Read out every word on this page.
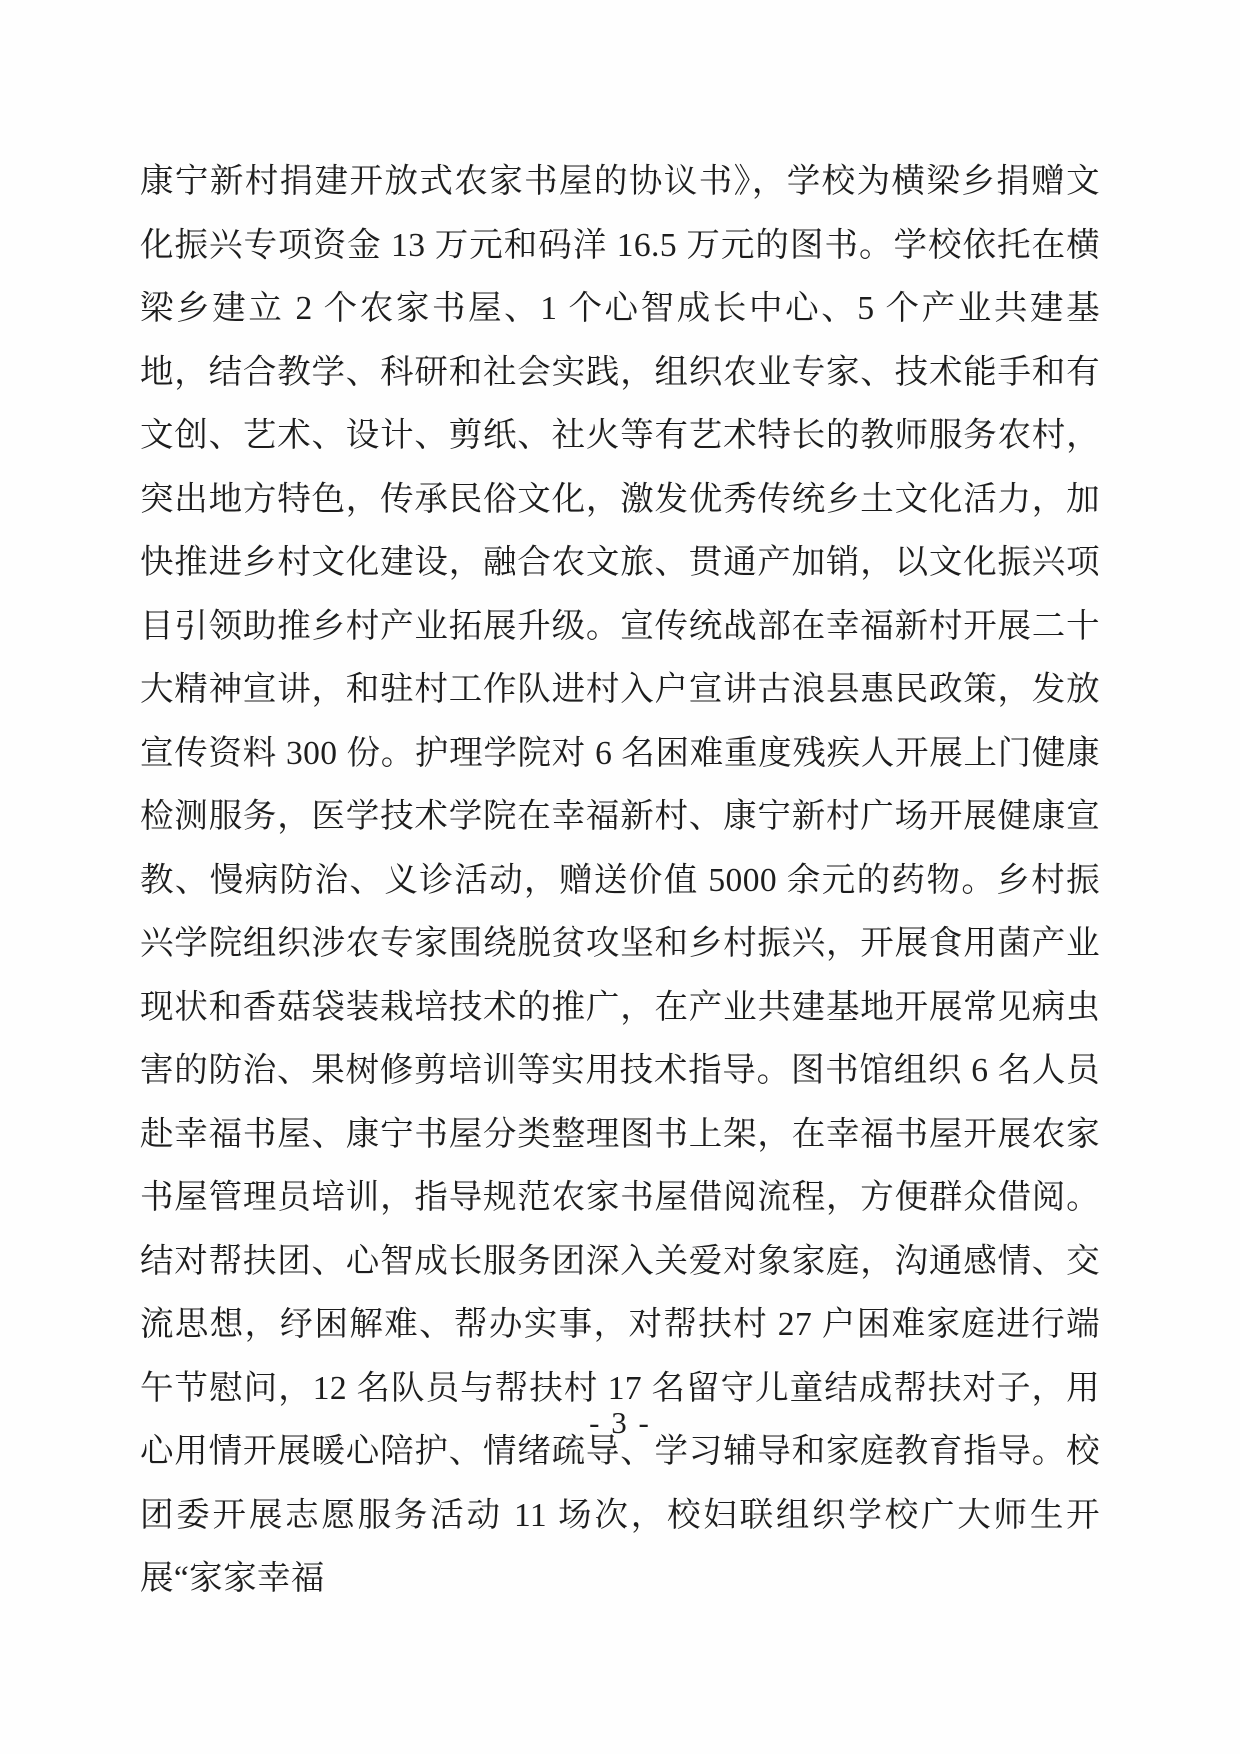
康宁新村捐建开放式农家书屋的协议书》，学校为横梁乡捐赠文化振兴专项资金 13 万元和码洋 16.5 万元的图书。学校依托在横梁乡建立 2 个农家书屋、1 个心智成长中心、5 个产业共建基地，结合教学、科研和社会实践，组织农业专家、技术能手和有文创、艺术、设计、剪纸、社火等有艺术特长的教师服务农村，突出地方特色，传承民俗文化，激发优秀传统乡土文化活力，加快推进乡村文化建设，融合农文旅、贯通产加销，以文化振兴项目引领助推乡村产业拓展升级。宣传统战部在幸福新村开展二十大精神宣讲，和驻村工作队进村入户宣讲古浪县惠民政策，发放宣传资料 300 份。护理学院对 6 名困难重度残疾人开展上门健康检测服务，医学技术学院在幸福新村、康宁新村广场开展健康宣教、慢病防治、义诊活动，赠送价值 5000 余元的药物。乡村振兴学院组织涉农专家围绕脱贫攻坚和乡村振兴，开展食用菌产业现状和香菇袋装栽培技术的推广，在产业共建基地开展常见病虫害的防治、果树修剪培训等实用技术指导。图书馆组织 6 名人员赴幸福书屋、康宁书屋分类整理图书上架，在幸福书屋开展农家书屋管理员培训，指导规范农家书屋借阅流程，方便群众借阅。结对帮扶团、心智成长服务团深入关爱对象家庭，沟通感情、交流思想，纾困解难、帮办实事，对帮扶村 27 户困难家庭进行端午节慰问，12 名队员与帮扶村 17 名留守儿童结成帮扶对子，用心用情开展暖心陪护、情绪疏导、学习辅导和家庭教育指导。校团委开展志愿服务活动 11 场次，校妇联组织学校广大师生开展“家家幸福

- 3 -
